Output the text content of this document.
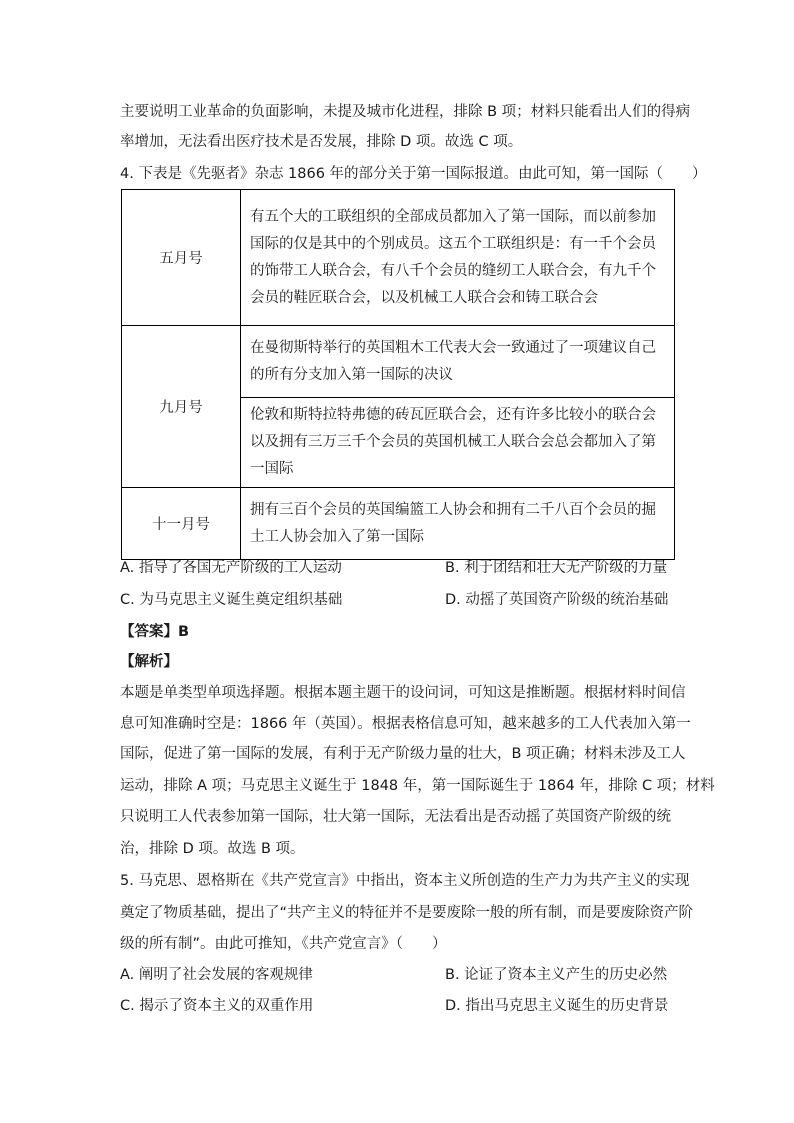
主要说明工业革命的负面影响，未提及城市化进程，排除 B 项；材料只能看出人们的得病
率增加，无法看出医疗技术是否发展，排除 D 项。故选 C 项。
4. 下表是《先驱者》杂志 1866 年的部分关于第一国际报道。由此可知，第一国际（　　）
五月号	有五个大的工联组织的全部成员都加入了第一国际，而以前参加国际的仅是其中的个别成员。这五个工联组织是：有一千个会员的饰带工人联合会，有八千个会员的缝纫工人联合会，有九千个会员的鞋匠联合会，以及机械工人联合会和铸工联合会
九月号	在曼彻斯特举行的英国粗木工代表大会一致通过了一项建议自己的所有分支加入第一国际的决议
	伦敦和斯特拉特弗德的砖瓦匠联合会，还有许多比较小的联合会以及拥有三万三千个会员的英国机械工人联合会总会都加入了第一国际
十一月号	拥有三百个会员的英国编篮工人协会和拥有二千八百个会员的掘土工人协会加入了第一国际
A. 指导了各国无产阶级的工人运动	B. 利于团结和壮大无产阶级的力量
C. 为马克思主义诞生奠定组织基础	D. 动摇了英国资产阶级的统治基础
【答案】B
【解析】
本题是单类型单项选择题。根据本题主题干的设问词，可知这是推断题。根据材料时间信
息可知准确时空是：1866 年（英国）。根据表格信息可知，越来越多的工人代表加入第一
国际，促进了第一国际的发展，有利于无产阶级力量的壮大，B 项正确；材料未涉及工人
运动，排除 A 项；马克思主义诞生于 1848 年，第一国际诞生于 1864 年，排除 C 项；材料
只说明工人代表参加第一国际，壮大第一国际，无法看出是否动摇了英国资产阶级的统
治，排除 D 项。故选 B 项。
5. 马克思、恩格斯在《共产党宣言》中指出，资本主义所创造的生产力为共产主义的实现
奠定了物质基础，提出了“共产主义的特征并不是要废除一般的所有制，而是要废除资产阶
级的所有制”。由此可推知，《共产党宣言》（　　）
A. 阐明了社会发展的客观规律	B. 论证了资本主义产生的历史必然
C. 揭示了资本主义的双重作用	D. 指出马克思主义诞生的历史背景
